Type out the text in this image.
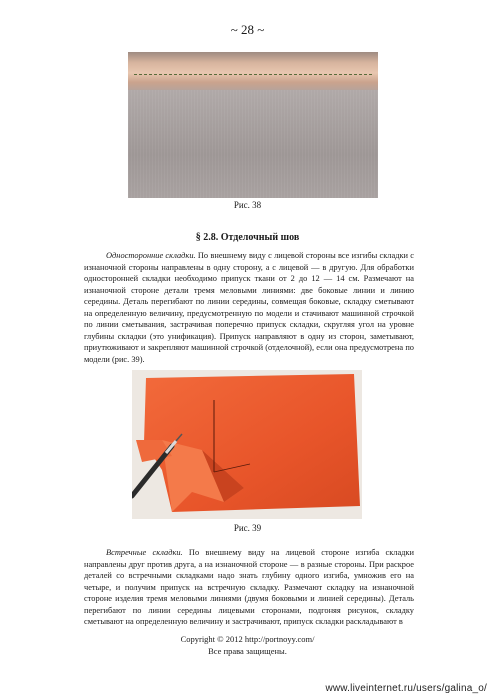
~ 28 ~
Рис. 38
§ 2.8. Отделочный шов

Односторонние складки. По внешнему виду с лицевой стороны все изгибы складки с изнаночной стороны направлены в одну сторону, а с лицевой — в другую. Для обработки односторонней складки необходимо припуск ткани от 2 до 12 — 14 см. Размечают на изнаночной стороне детали тремя меловыми линиями: две боковые линии и линию середины. Деталь перегибают по линии середины, совмещая боковые, складку сметывают на определенную величину, предусмотренную по модели и стачивают машинной строчкой по линии сметывания, застрачивая поперечно припуск складки, скругляя угол на уровне глубины складки (это унификация). Припуск направляют в одну из сторон, заметывают, приутюживают и закрепляют машинной строчкой (отделочной), если она предусмотрена по модели (рис. 39).

Рис. 39

Встречные складки. По внешнему виду на лицевой стороне изгиба складки направлены друг против друга, а на изнаночной стороне — в разные стороны. При раскрое деталей со встречными складками надо знать глубину одного изгиба, умножив его на четыре, и получим припуск на встречную складку. Размечают складку на изнаночной стороне изделия тремя меловыми линиями (двумя боковыми и линией середины). Деталь перегибают по линии середины лицевыми сторонами, подгоняя рисунок, складку сметывают на определенную величину и застрачивают, припуск складки раскладывают в

Copyright © 2012 http://portnoyy.com/
Все права защищены.
www.liveinternet.ru/users/galina_o/
